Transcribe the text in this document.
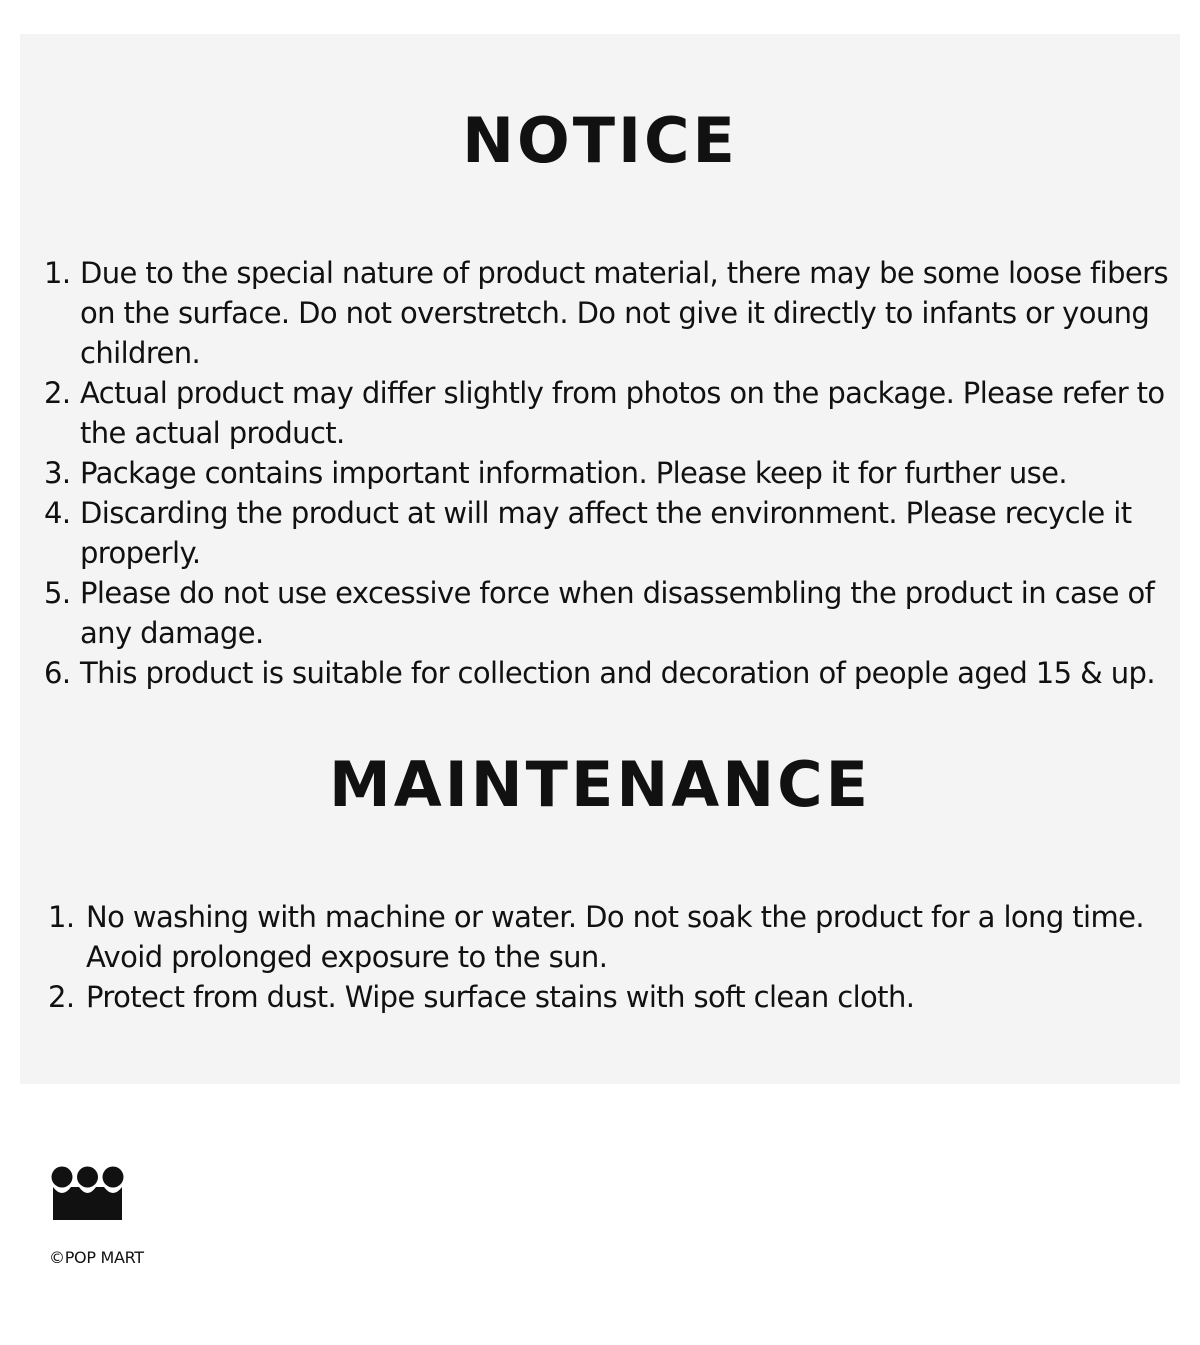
NOTICE
1. Due to the special nature of product material, there may be some loose fibers on the surface. Do not overstretch. Do not give it directly to infants or young children.
2. Actual product may differ slightly from photos on the package. Please refer to the actual product.
3. Package contains important information. Please keep it for further use.
4. Discarding the product at will may affect the environment. Please recycle it properly.
5. Please do not use excessive force when disassembling the product in case of any damage.
6. This product is suitable for collection and decoration of people aged 15 & up.
MAINTENANCE
1. No washing with machine or water. Do not soak the product for a long time. Avoid prolonged exposure to the sun.
2. Protect from dust. Wipe surface stains with soft clean cloth.
©POP MART
